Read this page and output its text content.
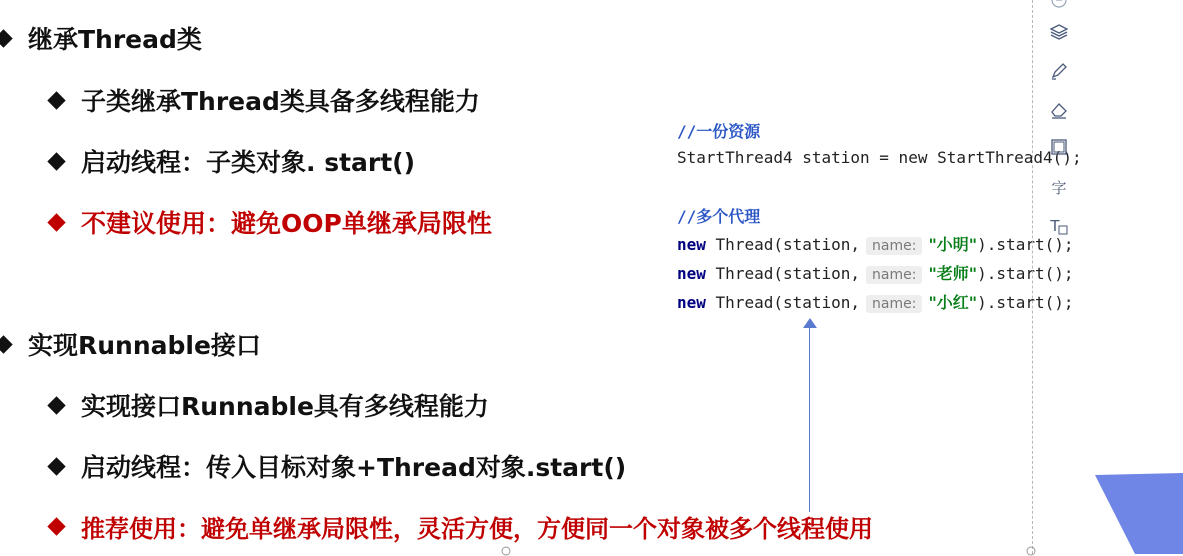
继承Thread类
子类继承Thread类具备多线程能力
启动线程：子类对象. start()
不建议使用：避免OOP单继承局限性
实现Runnable接口
实现接口Runnable具有多线程能力
启动线程：传入目标对象+Thread对象.start()
推荐使用：避免单继承局限性，灵活方便，方便同一个对象被多个线程使用
//一份资源
StartThread4 station = new StartThread4();
//多个代理
new Thread(station, name: "小明").start();
new Thread(station, name: "老师").start();
new Thread(station, name: "小红").start();
字
T
